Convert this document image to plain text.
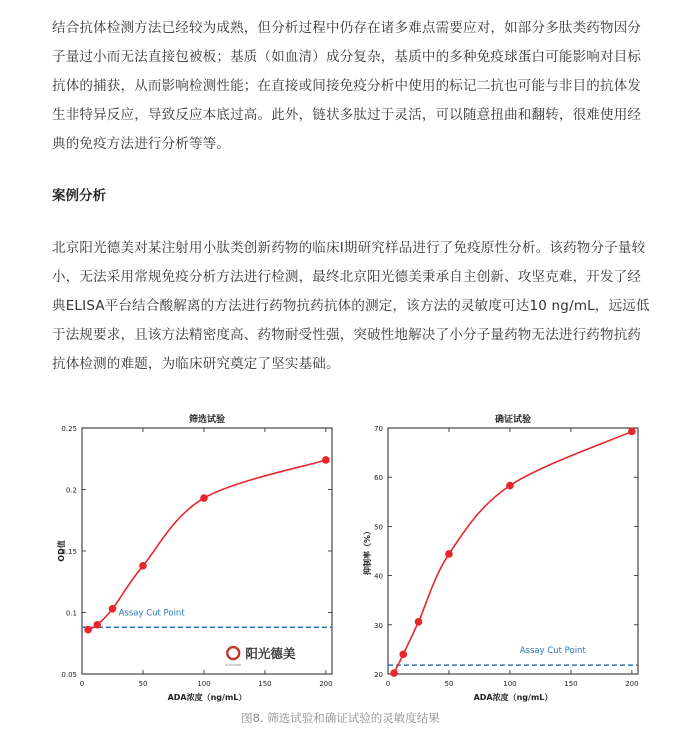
结合抗体检测方法已经较为成熟，但分析过程中仍存在诸多难点需要应对，如部分多肽类药物因分子量过小而无法直接包被板；基质（如血清）成分复杂，基质中的多种免疫球蛋白可能影响对目标抗体的捕获，从而影响检测性能；在直接或间接免疫分析中使用的标记二抗也可能与非目的抗体发生非特异反应，导致反应本底过高。此外，链状多肽过于灵活，可以随意扭曲和翻转，很难使用经典的免疫方法进行分析等等。

案例分析

北京阳光德美对某注射用小肽类创新药物的临床I期研究样品进行了免疫原性分析。该药物分子量较小，无法采用常规免疫分析方法进行检测，最终北京阳光德美秉承自主创新、攻坚克难，开发了经典ELISA平台结合酸解离的方法进行药物抗药抗体的测定，该方法的灵敏度可达10 ng/mL，远远低于法规要求，且该方法精密度高、药物耐受性强，突破性地解决了小分子量药物无法进行药物抗药抗体检测的难题，为临床研究奠定了坚实基础。

筛选试验
0.05
0.1
0.15
0.2
0.25
0	50	100	150	200
ADA浓度（ng/mL）
OD值
Assay Cut Point
SUNSHINE
阳光德美
确证试验
20
30
40
50
60
70
0	50	100	150	200
ADA浓度（ng/mL）
抑制率（%）
Assay Cut Point

图8. 筛选试验和确证试验的灵敏度结果
